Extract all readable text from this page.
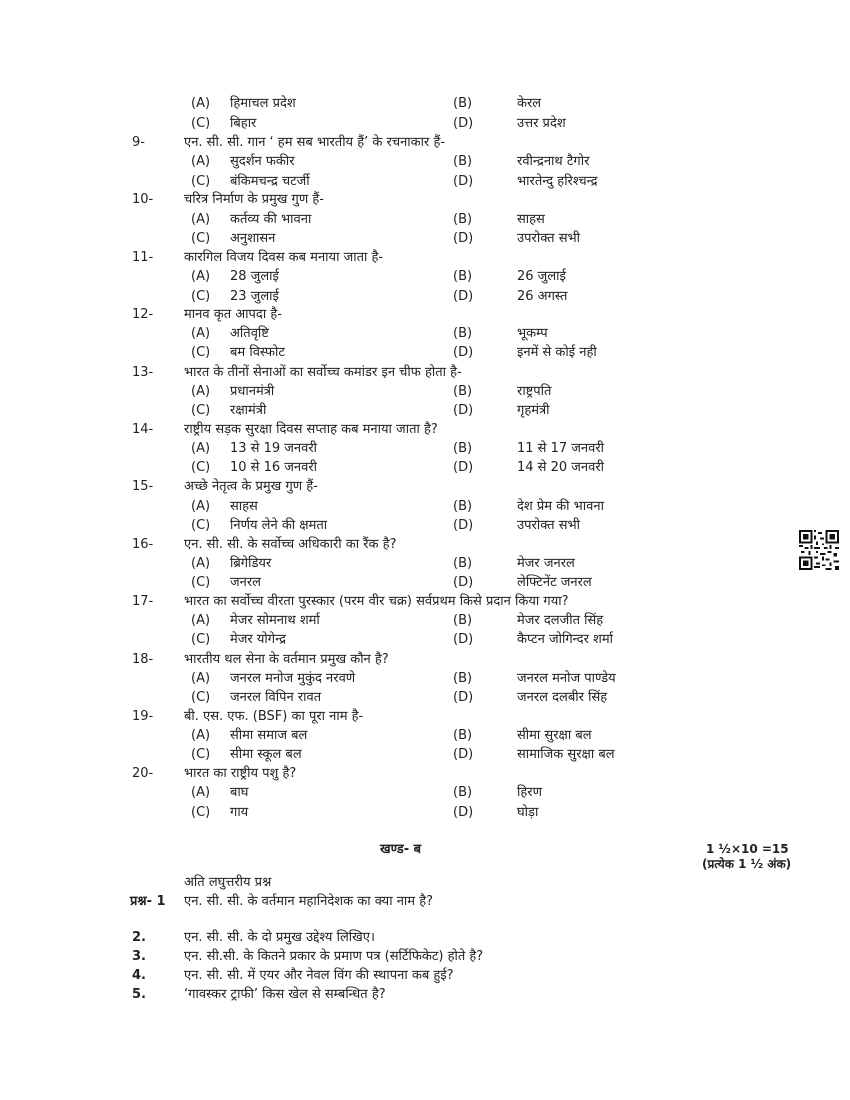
(A) हिमाचल प्रदेश	(B)	केरल
(C) बिहार	(D)	उत्तर प्रदेश
9-	एन. सी. सी. गान ‘ हम सब भारतीय हैं’ के रचनाकार हैं-
(A) सुदर्शन फकीर	(B)	रवीन्द्रनाथ टैगोर
(C) बंकिमचन्द्र चटर्जी	(D)	भारतेन्दु हरिश्चन्द्र
10- चरित्र निर्माण के प्रमुख गुण हैं-
(A) कर्तव्य की भावना	(B)	साहस
(C) अनुशासन	(D)	उपरोक्त सभी
11- कारगिल विजय दिवस कब मनाया जाता है-
(A) 28 जुलाई	(B)	26 जुलाई
(C) 23 जुलाई	(D)	26 अगस्त
12- मानव कृत आपदा है-
(A) अतिवृष्टि	(B)	भूकम्प
(C) बम विस्फोट	(D)	इनमें से कोई नही
13- भारत के तीनों सेनाओं का सर्वोच्च कमांडर इन चीफ होता है-
(A) प्रधानमंत्री	(B)	राष्ट्रपति
(C) रक्षामंत्री	(D)	गृहमंत्री
14- राष्ट्रीय सड़क सुरक्षा दिवस सप्ताह कब मनाया जाता है?
(A) 13 से 19 जनवरी	(B)	11 से 17 जनवरी
(C) 10 से 16 जनवरी	(D)	14 से 20 जनवरी
15- अच्छे नेतृत्व के प्रमुख गुण हैं-
(A) साहस	(B)	देश प्रेम की भावना
(C) निर्णय लेने की क्षमता	(D)	उपरोक्त सभी
16- एन. सी. सी. के सर्वोच्च अधिकारी का रैंक है?
(A) ब्रिगेडियर	(B)	मेजर जनरल
(C) जनरल	(D)	लेफ्टिनेंट जनरल
17- भारत का सर्वोच्च वीरता पुरस्कार (परम वीर चक्र) सर्वप्रथम किसे प्रदान किया गया?
(A) मेजर सोमनाथ शर्मा	(B)	मेजर दलजीत सिंह
(C) मेजर योगेन्द्र	(D)	कैप्टन जोगिन्दर शर्मा
18- भारतीय थल सेना के वर्तमान प्रमुख कौन है?
(A) जनरल मनोज मुकुंद नरवणे	(B)	जनरल मनोज पाण्डेय
(C) जनरल विपिन रावत	(D)	जनरल दलबीर सिंह
19- बी. एस. एफ. (BSF) का पूरा नाम है-
(A) सीमा समाज बल	(B)	सीमा सुरक्षा बल
(C) सीमा स्कूल बल	(D)	सामाजिक सुरक्षा बल
20- भारत का राष्ट्रीय पशु है?
(A) बाघ	(B)	हिरण
(C) गाय	(D)	घोड़ा
खण्ड- ब	1 ½×10 =15
(प्रत्येक 1 ½ अंक)
अति लघुत्तरीय प्रश्न
प्रश्न- 1 एन. सी. सी. के वर्तमान महानिदेशक का क्या नाम है?
2.	एन. सी. सी. के दो प्रमुख उद्देश्य लिखिए।
3.	एन. सी.सी. के कितने प्रकार के प्रमाण पत्र (सर्टिफिकेट) होते है?
4.	एन. सी. सी. में एयर और नेवल विंग की स्थापना कब हुई?
5.	‘गावस्कर ट्राफी’ किस खेल से सम्बन्धित है?
